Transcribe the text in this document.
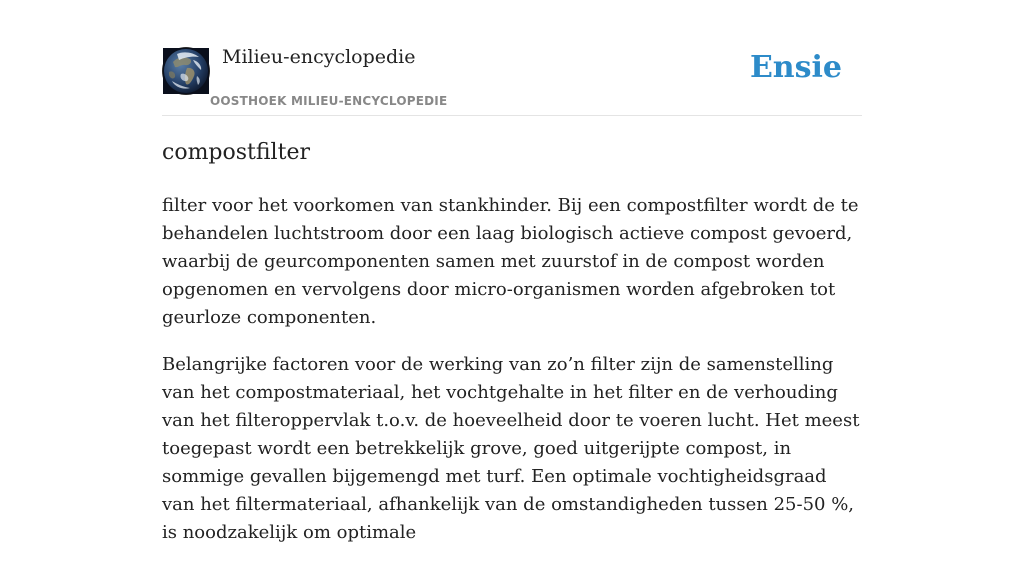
Milieu-encyclopedie
OOSTHOEK MILIEU-ENCYCLOPEDIE
Ensie
compostfilter

filter voor het voorkomen van stankhinder. Bij een compostfilter wordt de te behandelen luchtstroom door een laag biologisch actieve compost gevoerd, waarbij de geurcomponenten samen met zuurstof in de compost worden opgenomen en vervolgens door micro-organismen worden afgebroken tot geurloze componenten.

Belangrijke factoren voor de werking van zo’n filter zijn de samenstelling van het compostmateriaal, het vochtgehalte in het filter en de verhouding van het filteroppervlak t.o.v. de hoeveelheid door te voeren lucht. Het meest toegepast wordt een betrekkelijk grove, goed uitgerijpte compost, in sommige gevallen bijgemengd met turf. Een optimale vochtigheidsgraad van het filtermateriaal, afhankelijk van de omstandigheden tussen 25-50 %, is noodzakelijk om optimale
